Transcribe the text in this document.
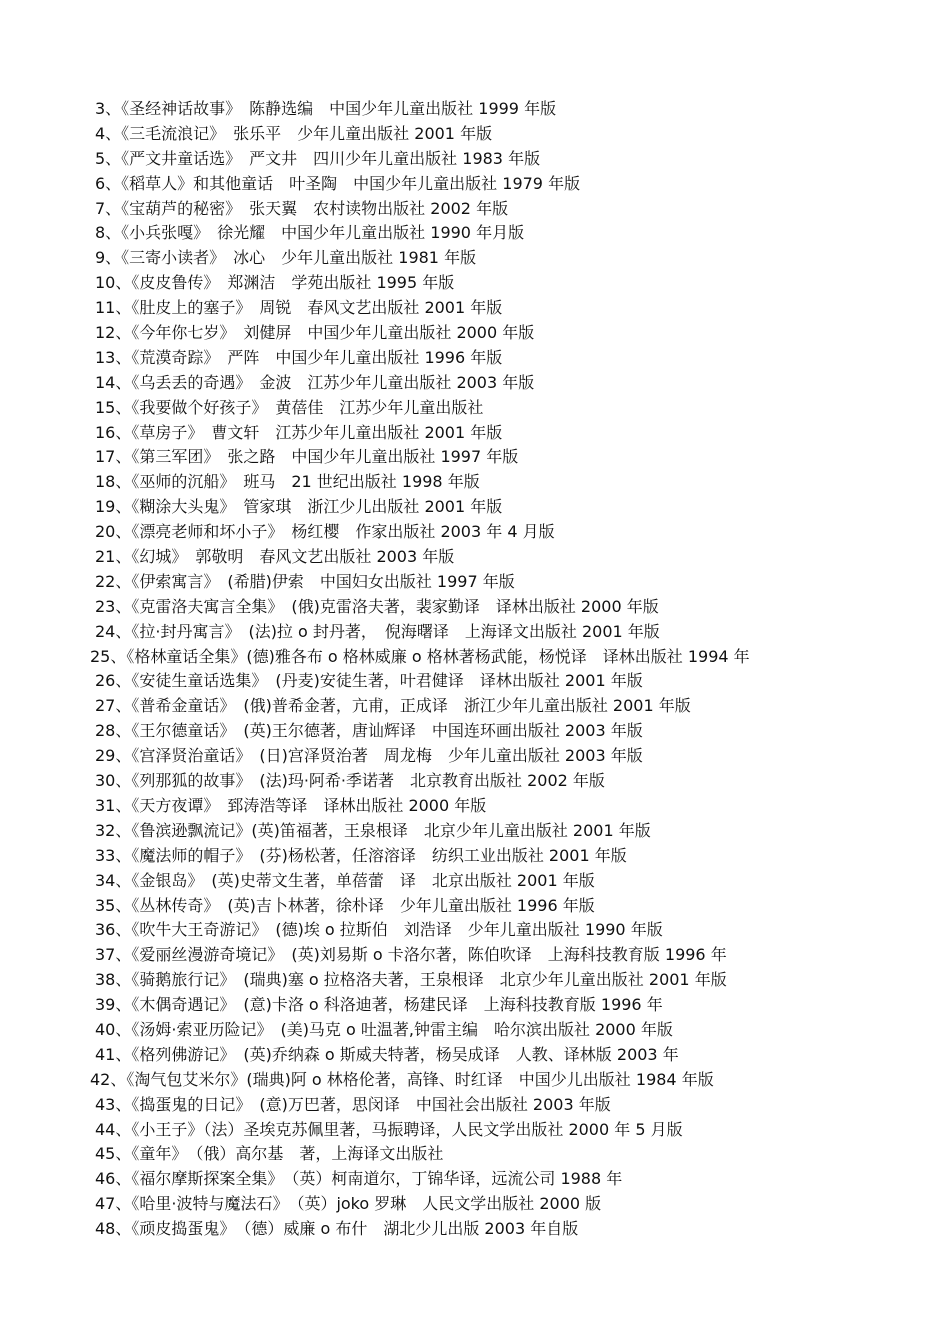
3、《圣经神话故事》　陈静选编　中国少年儿童出版社 1999 年版
4、《三毛流浪记》　张乐平　少年儿童出版社 2001 年版
5、《严文井童话选》　严文井　四川少年儿童出版社 1983 年版
6、《稻草人》和其他童话　叶圣陶　中国少年儿童出版社 1979 年版
7、《宝葫芦的秘密》　张天翼　农村读物出版社 2002 年版
8、《小兵张嘎》　徐光耀　中国少年儿童出版社 1990 年月版
9、《三寄小读者》　冰心　少年儿童出版社 1981 年版
10、《皮皮鲁传》　郑渊洁　学苑出版社 1995 年版
11、《肚皮上的塞子》　周锐　春风文艺出版社 2001 年版
12、《今年你七岁》　刘健屏　中国少年儿童出版社 2000 年版
13、《荒漠奇踪》　严阵　中国少年儿童出版社 1996 年版
14、《乌丢丢的奇遇》　金波　江苏少年儿童出版社 2003 年版
15、《我要做个好孩子》　黄蓓佳　江苏少年儿童出版社
16、《草房子》　曹文轩　江苏少年儿童出版社 2001 年版
17、《第三军团》　张之路　中国少年儿童出版社 1997 年版
18、《巫师的沉船》　班马　21 世纪出版社 1998 年版
19、《糊涂大头鬼》　管家琪　浙江少儿出版社 2001 年版
20、《漂亮老师和坏小子》　杨红樱　作家出版社 2003 年 4 月版
21、《幻城》　郭敬明　春风文艺出版社 2003 年版
22、《伊索寓言》　(希腊)伊索　中国妇女出版社 1997 年版
23、《克雷洛夫寓言全集》　(俄)克雷洛夫著，裴家勤译　译林出版社 2000 年版
24、《拉·封丹寓言》　(法)拉 o 封丹著，　倪海曙译　上海译文出版社 2001 年版
25、《格林童话全集》(德)雅各布 o 格林威廉 o 格林著杨武能，杨悦译　译林出版社 1994 年
26、《安徒生童话选集》　(丹麦)安徒生著，叶君健译　译林出版社 2001 年版
27、《普希金童话》　(俄)普希金著，亢甫，正成译　浙江少年儿童出版社 2001 年版
28、《王尔德童话》　(英)王尔德著，唐讪辉译　中国连环画出版社 2003 年版
29、《宫泽贤治童话》　(日)宫泽贤治著　周龙梅　少年儿童出版社 2003 年版
30、《列那狐的故事》　(法)玛·阿希·季诺著　北京教育出版社 2002 年版
31、《天方夜谭》　郅涛浩等译　译林出版社 2000 年版
32、《鲁滨逊飘流记》(英)笛福著，王泉根译　北京少年儿童出版社 2001 年版
33、《魔法师的帽子》　(芬)杨松著，任溶溶译　纺织工业出版社 2001 年版
34、《金银岛》　(英)史蒂文生著，单蓓蕾　译　北京出版社 2001 年版
35、《丛林传奇》　(英)吉卜林著，徐朴译　少年儿童出版社 1996 年版
36、《吹牛大王奇游记》　(德)埃 o 拉斯伯　刘浩译　少年儿童出版社 1990 年版
37、《爱丽丝漫游奇境记》　(英)刘易斯 o 卡洛尔著，陈伯吹译　上海科技教育版 1996 年
38、《骑鹅旅行记》　(瑞典)塞 o 拉格洛夫著，王泉根译　北京少年儿童出版社 2001 年版
39、《木偶奇遇记》　(意)卡洛 o 科洛迪著，杨建民译　上海科技教育版 1996 年
40、《汤姆·索亚历险记》　(美)马克 o 吐温著,钟雷主编　哈尔滨出版社 2000 年版
41、《格列佛游记》　(英)乔纳森 o 斯威夫特著，杨吴成译　人教、译林版 2003 年
42、《淘气包艾米尔》(瑞典)阿 o 林格伦著，高锋、时红译　中国少儿出版社 1984 年版
43、《捣蛋鬼的日记》　(意)万巴著，思闵译　中国社会出版社 2003 年版
44、《小王子》（法）圣埃克苏佩里著，马振聘译，人民文学出版社 2000 年 5 月版
45、《童年》　（俄）高尔基　著，上海译文出版社
46、《福尔摩斯探案全集》　（英）柯南道尔，丁锦华译，远流公司 1988 年
47、《哈里·波特与魔法石》　（英）joko 罗琳　人民文学出版社 2000 版
48、《顽皮捣蛋鬼》　（德）威廉 o 布什　湖北少儿出版 2003 年自版
